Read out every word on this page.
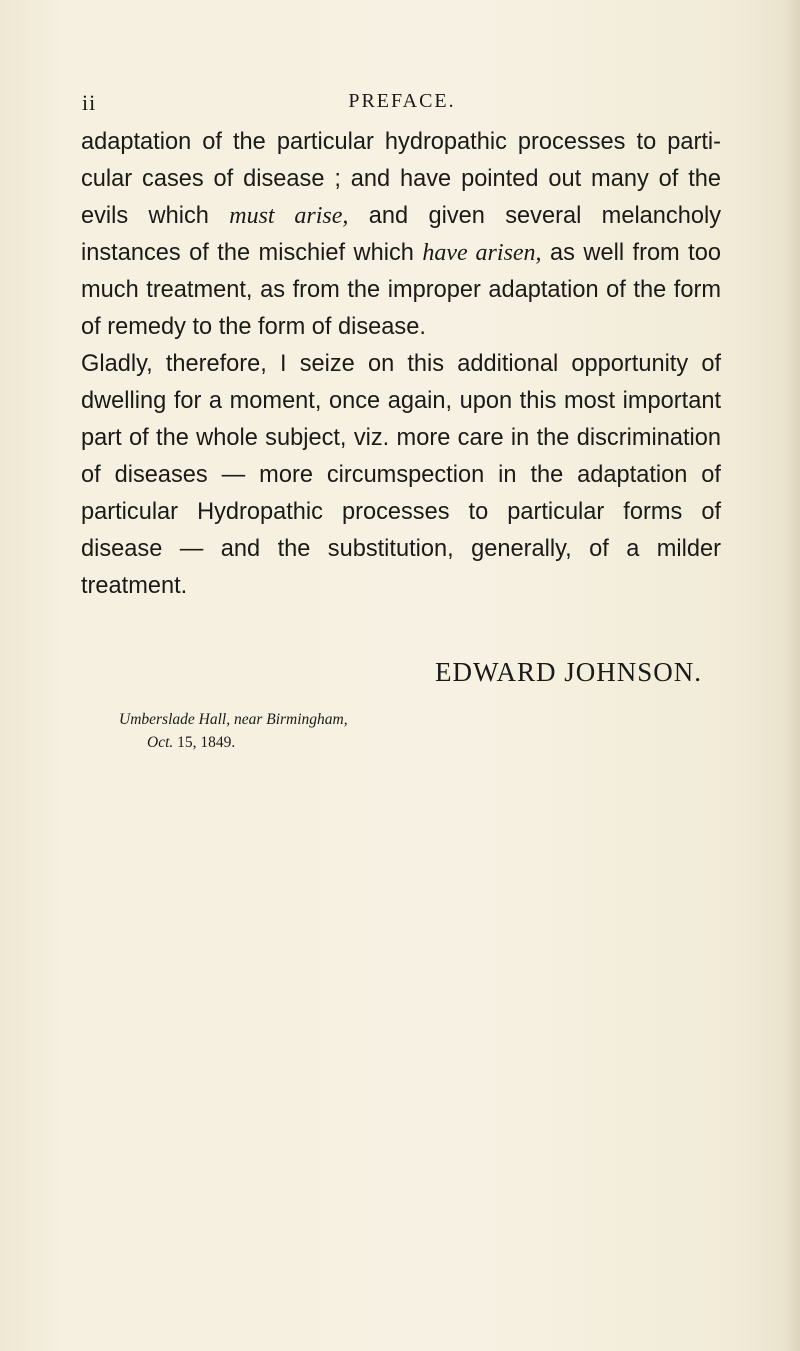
ii	PREFACE.

adaptation of the particular hydropathic processes to parti-cular cases of disease ; and have pointed out many of the evils which must arise, and given several melancholy instances of the mischief which have arisen, as well from too much treatment, as from the improper adaptation of the form of remedy to the form of disease.

Gladly, therefore, I seize on this additional opportunity of dwelling for a moment, once again, upon this most important part of the whole subject, viz. more care in the discrimination of diseases — more circumspection in the adaptation of particular Hydropathic processes to particular forms of disease — and the substitution, generally, of a milder treatment.

EDWARD JOHNSON.
Umberslade Hall, near Birmingham,
Oct. 15, 1849.
